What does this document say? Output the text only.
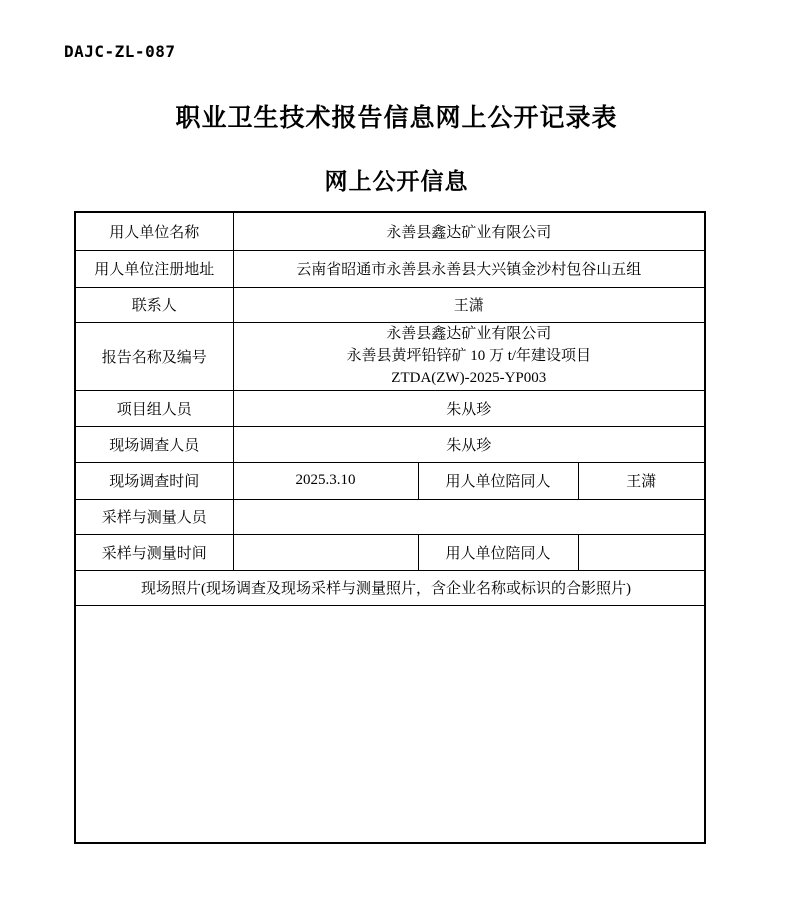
DAJC-ZL-087
职业卫生技术报告信息网上公开记录表
网上公开信息
用人单位名称	永善县鑫达矿业有限公司		
用人单位注册地址	云南省昭通市永善县永善县大兴镇金沙村包谷山五组		
联系人	王潇		
报告名称及编号	永善县鑫达矿业有限公司
永善县黄坪铅锌矿 10 万 t/年建设项目
ZTDA(ZW)-2025-YP003		

项目组人员	朱从珍		
现场调查人员	朱从珍		
现场调查时间	2025.3.10	用人单位陪同人	王潇
采样与测量人员			
采样与测量时间		用人单位陪同人	
现场照片(现场调查及现场采样与测量照片，含企业名称或标识的合影照片)			
